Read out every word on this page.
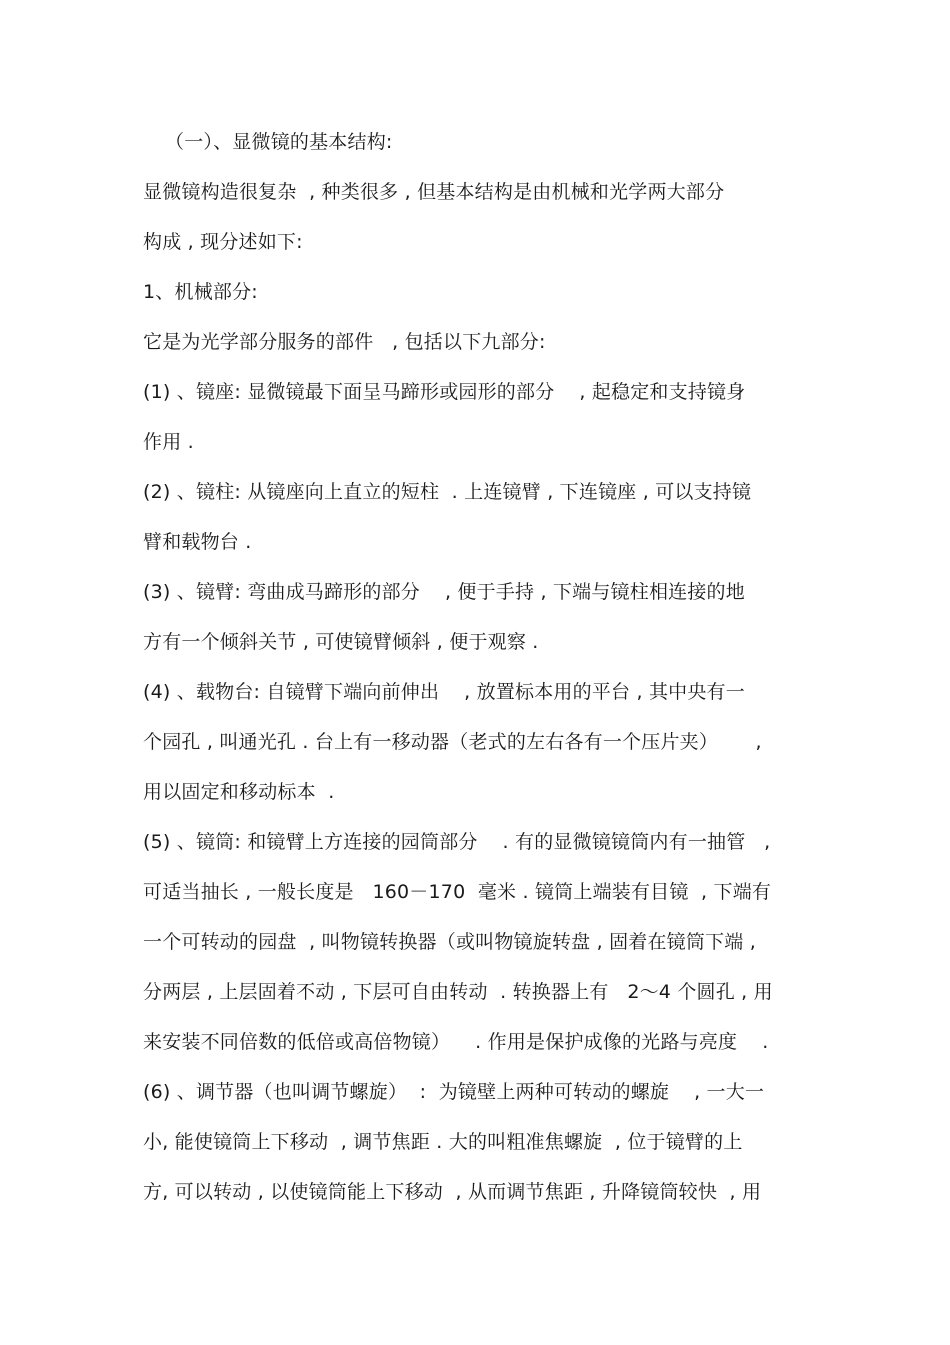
（一）、显微镜的基本结构:
显微镜构造很复杂  , 种类很多 , 但基本结构是由机械和光学两大部分
构成 , 现分述如下:
1、机械部分:
它是为光学部分服务的部件   , 包括以下九部分:
(1) 、镜座: 显微镜最下面呈马蹄形或园形的部分    , 起稳定和支持镜身
作用 .
(2) 、镜柱: 从镜座向上直立的短柱  . 上连镜臂 , 下连镜座 , 可以支持镜
臂和载物台 .
(3) 、镜臂: 弯曲成马蹄形的部分    , 便于手持 , 下端与镜柱相连接的地
方有一个倾斜关节 , 可使镜臂倾斜 , 便于观察 .
(4) 、载物台: 自镜臂下端向前伸出    , 放置标本用的平台 , 其中央有一
个园孔 , 叫通光孔 . 台上有一移动器（老式的左右各有一个压片夹）      ,
用以固定和移动标本  .
(5) 、镜筒: 和镜臂上方连接的园筒部分    . 有的显微镜镜筒内有一抽管   ,
可适当抽长 , 一般长度是   160－170  毫米 . 镜筒上端装有目镜  , 下端有
一个可转动的园盘  , 叫物镜转换器（或叫物镜旋转盘 , 固着在镜筒下端 ,
分两层 , 上层固着不动 , 下层可自由转动  . 转换器上有   2～4 个圆孔 , 用
来安装不同倍数的低倍或高倍物镜）    . 作用是保护成像的光路与亮度    .
(6) 、调节器（也叫调节螺旋）  :  为镜壁上两种可转动的螺旋    , 一大一
小, 能使镜筒上下移动  , 调节焦距 . 大的叫粗准焦螺旋  , 位于镜臂的上
方, 可以转动 , 以使镜筒能上下移动  , 从而调节焦距 , 升降镜筒较快  , 用
